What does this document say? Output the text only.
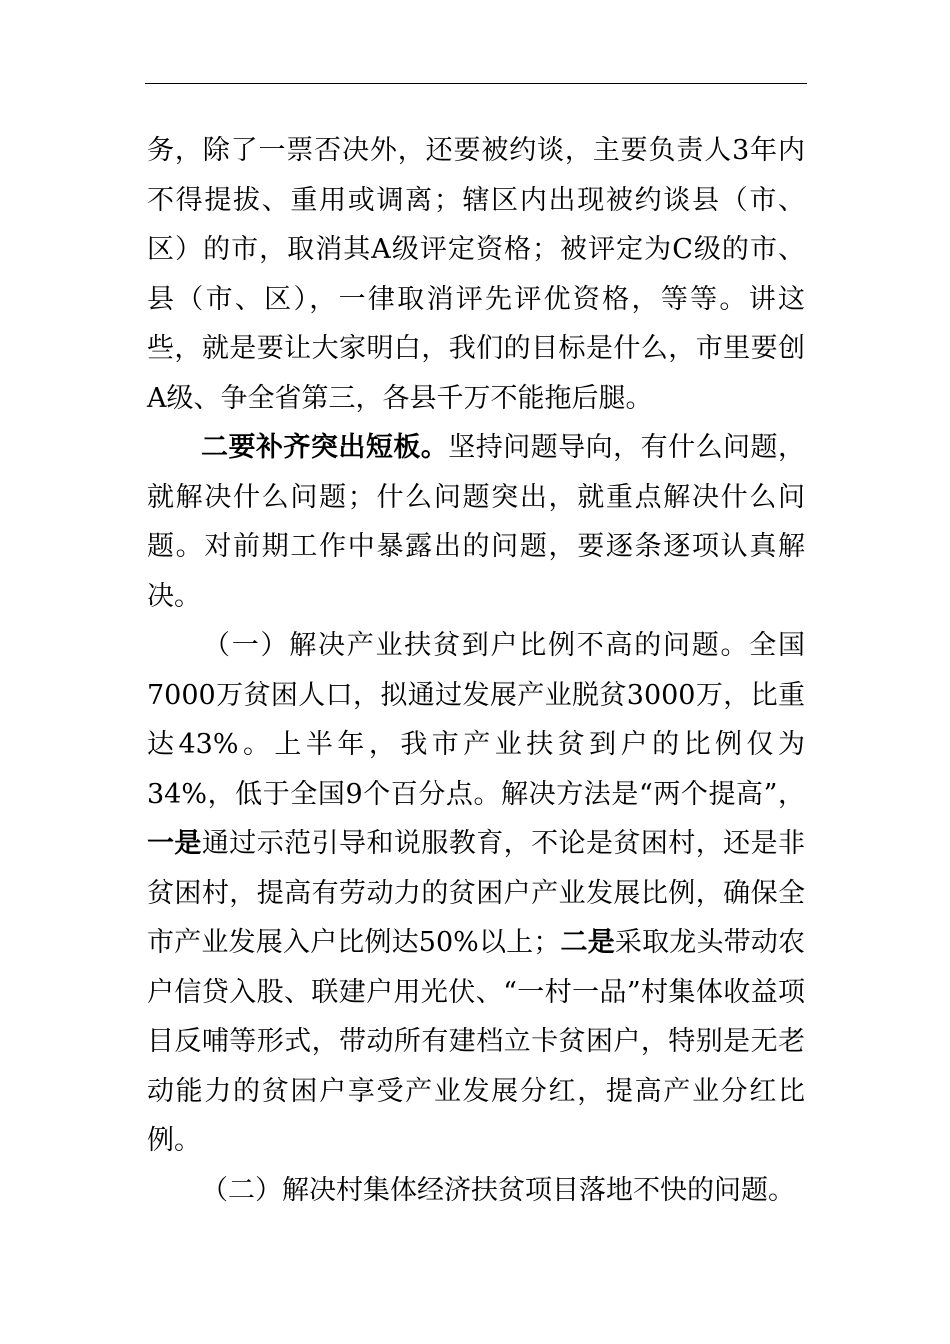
务，除了一票否决外，还要被约谈，主要负责人3年内不得提拔、重用或调离；辖区内出现被约谈县（市、区）的市，取消其A级评定资格；被评定为C级的市、县（市、区），一律取消评先评优资格，等等。讲这些，就是要让大家明白，我们的目标是什么，市里要创A级、争全省第三，各县千万不能拖后腿。

二要补齐突出短板。坚持问题导向，有什么问题，就解决什么问题；什么问题突出，就重点解决什么问题。对前期工作中暴露出的问题，要逐条逐项认真解决。

（一）解决产业扶贫到户比例不高的问题。全国7000万贫困人口，拟通过发展产业脱贫3000万，比重达43%。上半年，我市产业扶贫到户的比例仅为34%，低于全国9个百分点。解决方法是“两个提高”，一是通过示范引导和说服教育，不论是贫困村，还是非贫困村，提高有劳动力的贫困户产业发展比例，确保全市产业发展入户比例达50%以上；二是采取龙头带动农户信贷入股、联建户用光伏、“一村一品”村集体收益项目反哺等形式，带动所有建档立卡贫困户，特别是无老动能力的贫困户享受产业发展分红，提高产业分红比例。

（二）解决村集体经济扶贫项目落地不快的问题。
